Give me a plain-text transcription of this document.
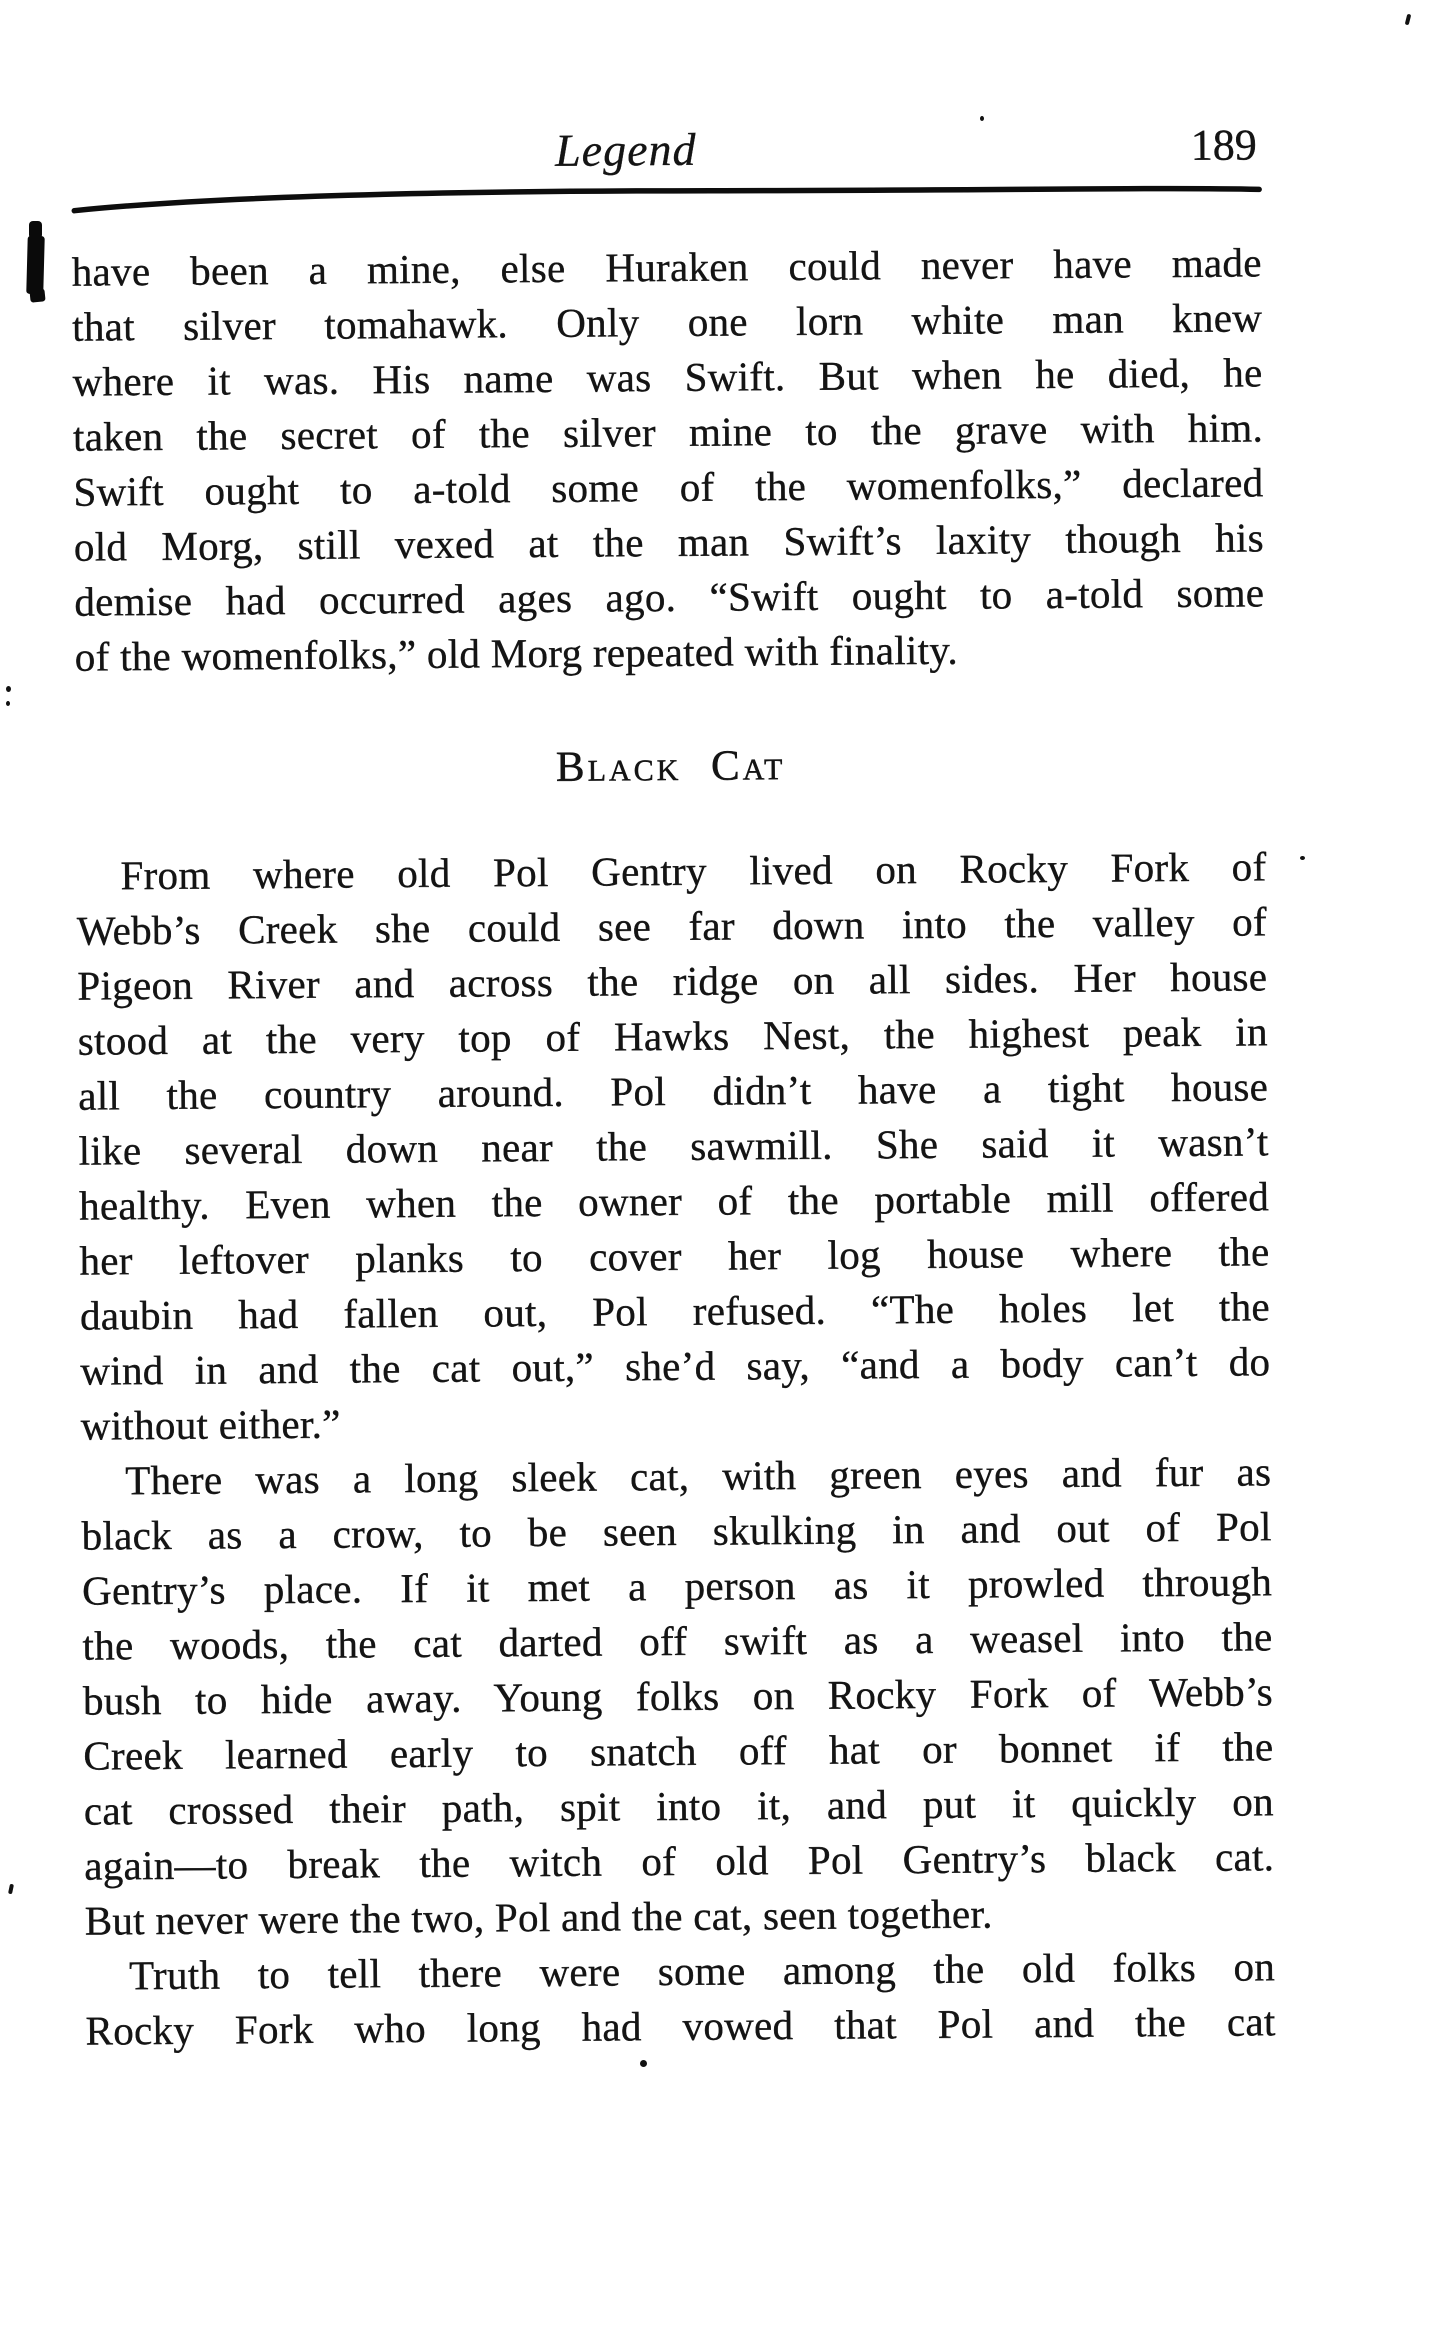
Legend	189
have been a mine, else Huraken could never have made
that silver tomahawk. Only one lorn white man knew
where it was. His name was Swift. But when he died, he
taken the secret of the silver mine to the grave with him.
Swift ought to a-told some of the womenfolks,” declared
old Morg, still vexed at the man Swift’s laxity though his
demise had occurred ages ago. “Swift ought to a-told some
of the womenfolks,” old Morg repeated with finality.
Black Cat
From where old Pol Gentry lived on Rocky Fork of
Webb’s Creek she could see far down into the valley of
Pigeon River and across the ridge on all sides. Her house
stood at the very top of Hawks Nest, the highest peak in
all the country around. Pol didn’t have a tight house
like several down near the sawmill. She said it wasn’t
healthy. Even when the owner of the portable mill offered
her leftover planks to cover her log house where the
daubin had fallen out, Pol refused. “The holes let the
wind in and the cat out,” she’d say, “and a body can’t do
without either.”
There was a long sleek cat, with green eyes and fur as
black as a crow, to be seen skulking in and out of Pol
Gentry’s place. If it met a person as it prowled through
the woods, the cat darted off swift as a weasel into the
bush to hide away. Young folks on Rocky Fork of Webb’s
Creek learned early to snatch off hat or bonnet if the
cat crossed their path, spit into it, and put it quickly on
again—to break the witch of old Pol Gentry’s black cat.
But never were the two, Pol and the cat, seen together.
Truth to tell there were some among the old folks on
Rocky Fork who long had vowed that Pol and the cat
